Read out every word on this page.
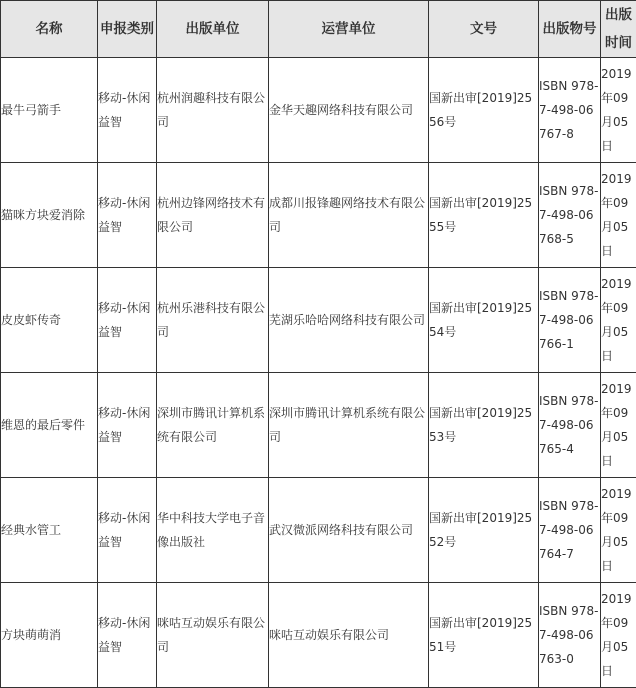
名称	申报类别	出版单位	运营单位	文号	出版物号	出版时间
最牛弓箭手	移动-休闲益智	杭州润趣科技有限公司	金华天趣网络科技有限公司	国新出审[2019]2556号	ISBN 978-7-498-06767-8	2019年09月05日
猫咪方块爱消除	移动-休闲益智	杭州边锋网络技术有限公司	成都川报锋趣网络技术有限公司	国新出审[2019]2555号	ISBN 978-7-498-06768-5	2019年09月05日
皮皮虾传奇	移动-休闲益智	杭州乐港科技有限公司	芜湖乐哈哈网络科技有限公司	国新出审[2019]2554号	ISBN 978-7-498-06766-1	2019年09月05日
维恩的最后零件	移动-休闲益智	深圳市腾讯计算机系统有限公司	深圳市腾讯计算机系统有限公司	国新出审[2019]2553号	ISBN 978-7-498-06765-4	2019年09月05日
经典水管工	移动-休闲益智	华中科技大学电子音像出版社	武汉微派网络科技有限公司	国新出审[2019]2552号	ISBN 978-7-498-06764-7	2019年09月05日
方块萌萌消	移动-休闲益智	咪咕互动娱乐有限公司	咪咕互动娱乐有限公司	国新出审[2019]2551号	ISBN 978-7-498-06763-0	2019年09月05日
